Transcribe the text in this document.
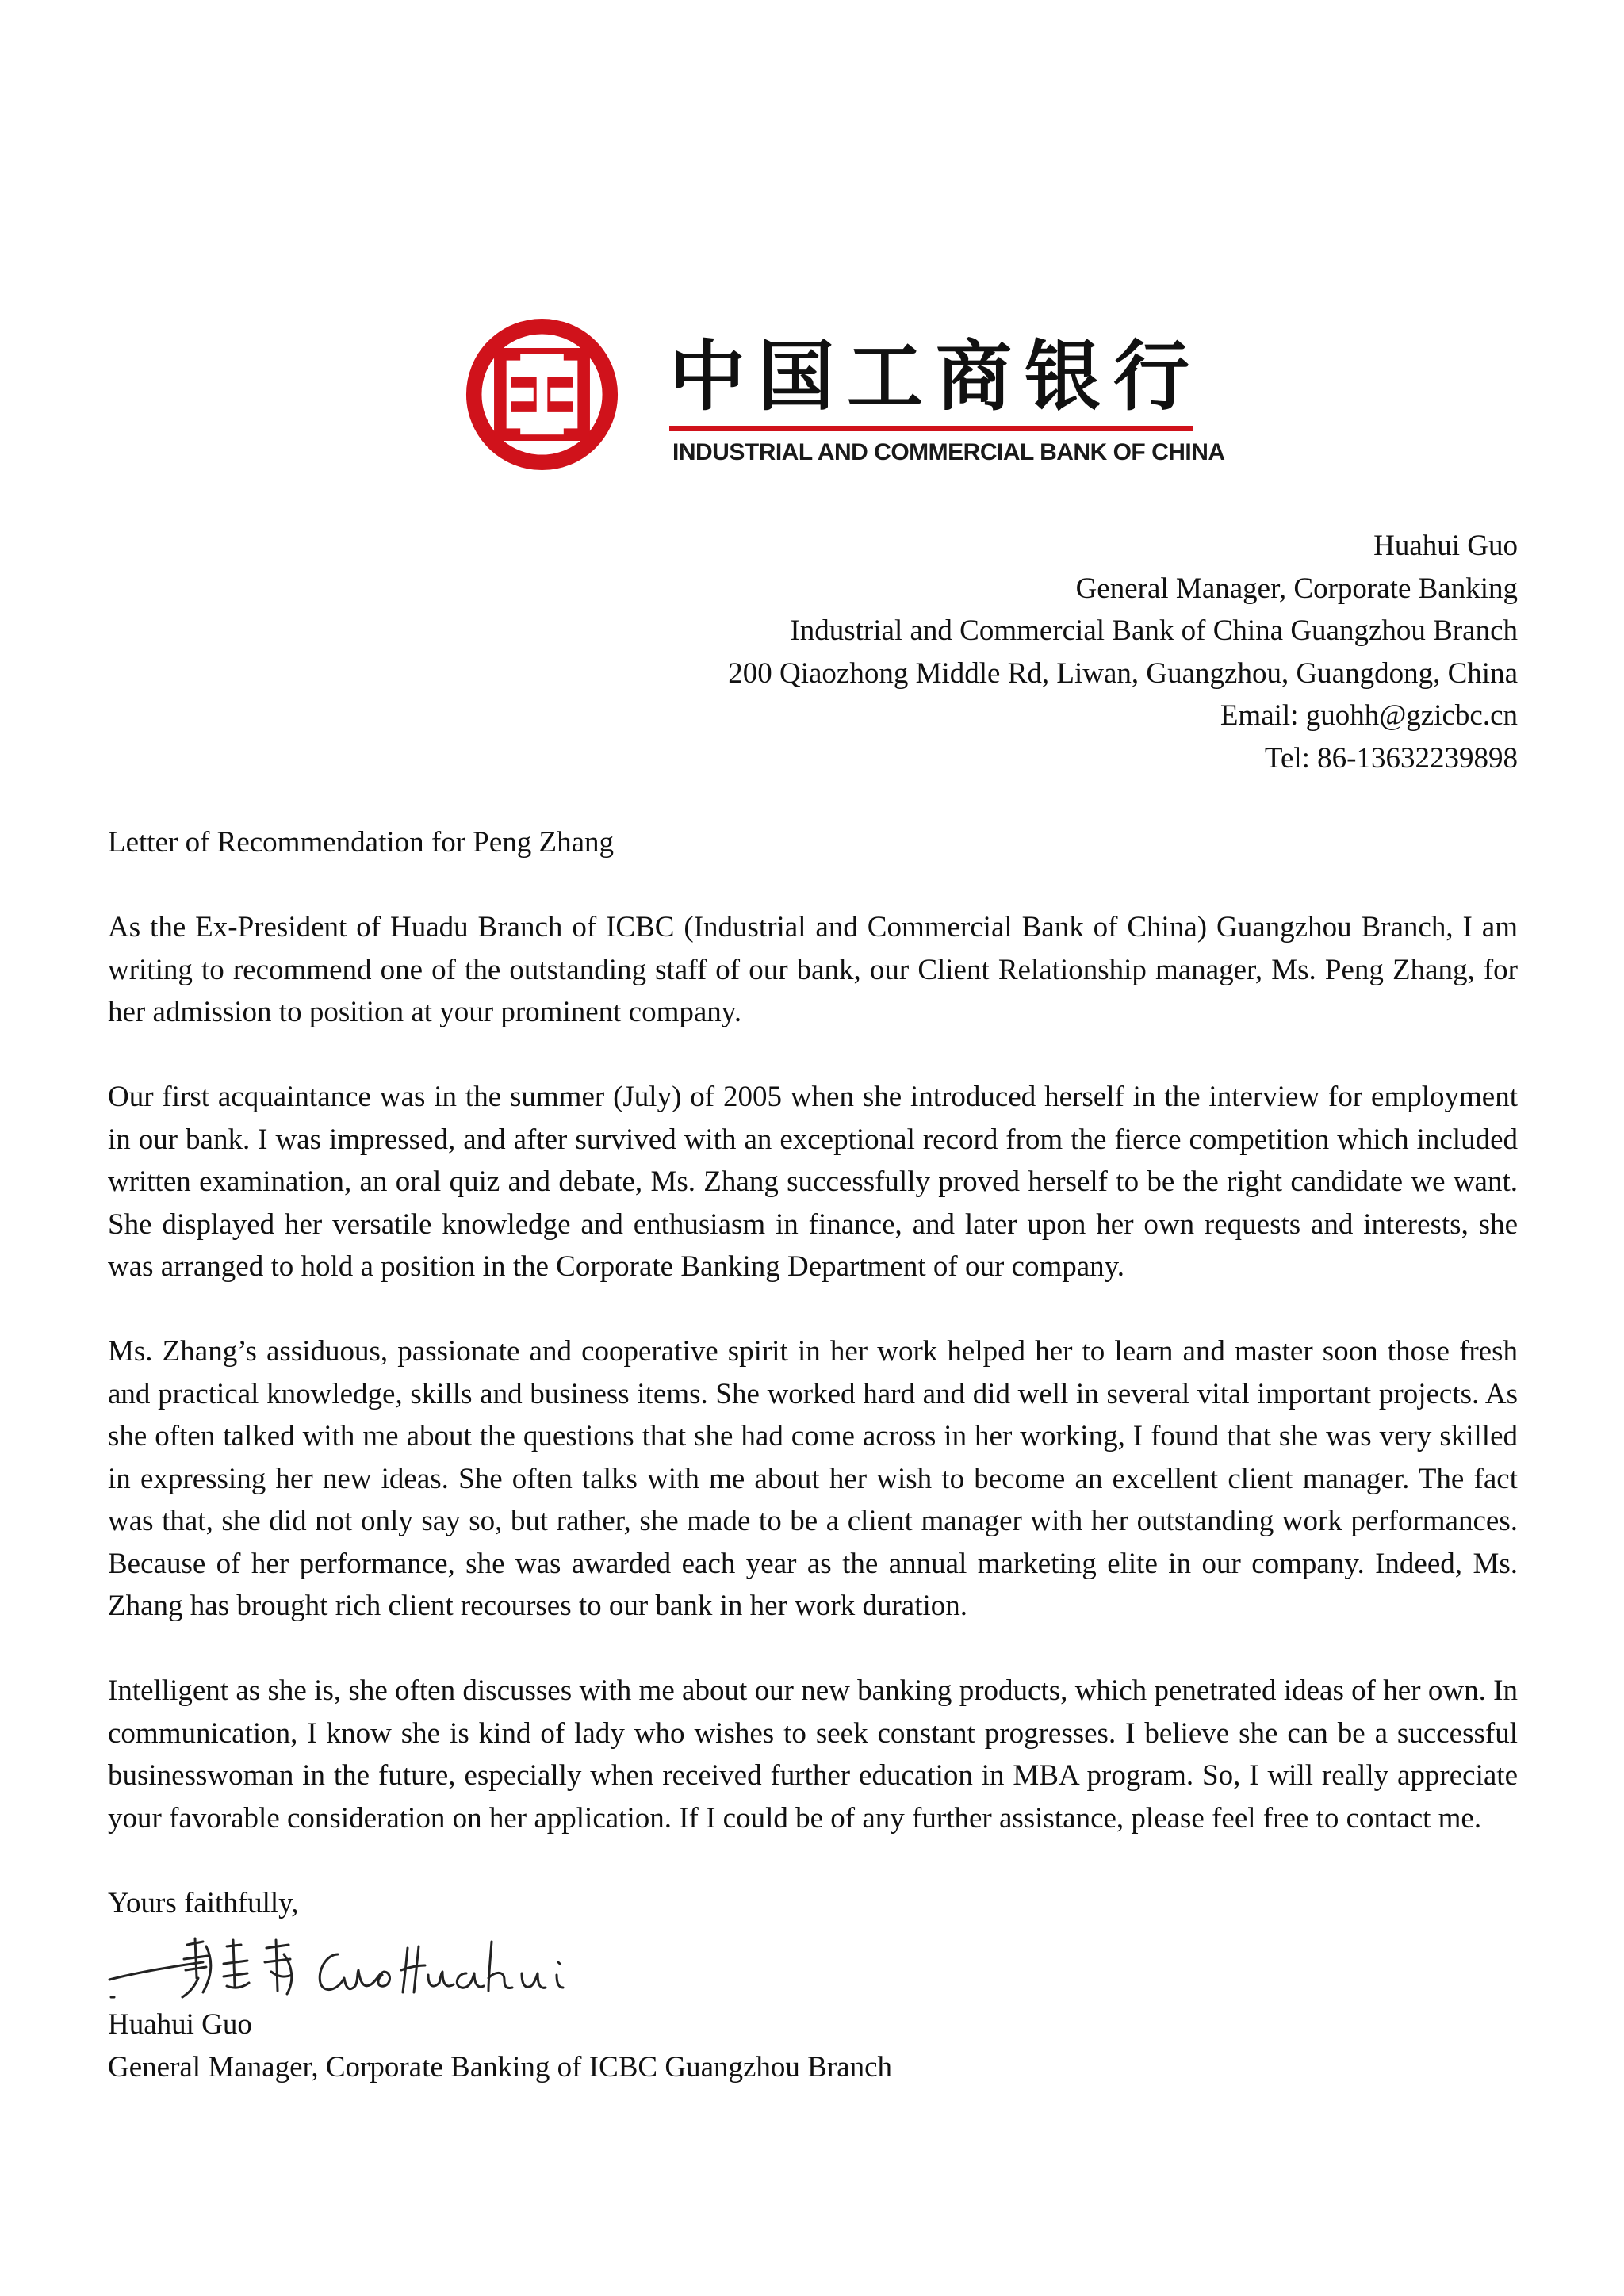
中国工商银行
INDUSTRIAL AND COMMERCIAL BANK OF CHINA
Huahui Guo
General Manager, Corporate Banking
Industrial and Commercial Bank of China Guangzhou Branch
200 Qiaozhong Middle Rd, Liwan, Guangzhou, Guangdong, China
Email: guohh@gzicbc.cn
Tel: 86-13632239898

Letter of Recommendation for Peng Zhang

As the Ex-President of Huadu Branch of ICBC (Industrial and Commercial Bank of China) Guangzhou Branch, I am writing to recommend one of the outstanding staff of our bank, our Client Relationship manager, Ms. Peng Zhang, for her admission to position at your prominent company.

Our first acquaintance was in the summer (July) of 2005 when she introduced herself in the interview for employment in our bank. I was impressed, and after survived with an exceptional record from the fierce competition which included written examination, an oral quiz and debate, Ms. Zhang successfully proved herself to be the right candidate we want. She displayed her versatile knowledge and enthusiasm in finance, and later upon her own requests and interests, she was arranged to hold a position in the Corporate Banking Department of our company.

Ms. Zhang’s assiduous, passionate and cooperative spirit in her work helped her to learn and master soon those fresh and practical knowledge, skills and business items. She worked hard and did well in several vital important projects. As she often talked with me about the questions that she had come across in her working, I found that she was very skilled in expressing her new ideas. She often talks with me about her wish to become an excellent client manager. The fact was that, she did not only say so, but rather, she made to be a client manager with her outstanding work performances. Because of her performance, she was awarded each year as the annual marketing elite in our company. Indeed, Ms. Zhang has brought rich client recourses to our bank in her work duration.

Intelligent as she is, she often discusses with me about our new banking products, which penetrated ideas of her own. In communication, I know she is kind of lady who wishes to seek constant progresses. I believe she can be a successful businesswoman in the future, especially when received further education in MBA program. So, I will really appreciate your favorable consideration on her application. If I could be of any further assistance, please feel free to contact me.

Yours faithfully,

Huahui Guo

General Manager, Corporate Banking of ICBC Guangzhou Branch
